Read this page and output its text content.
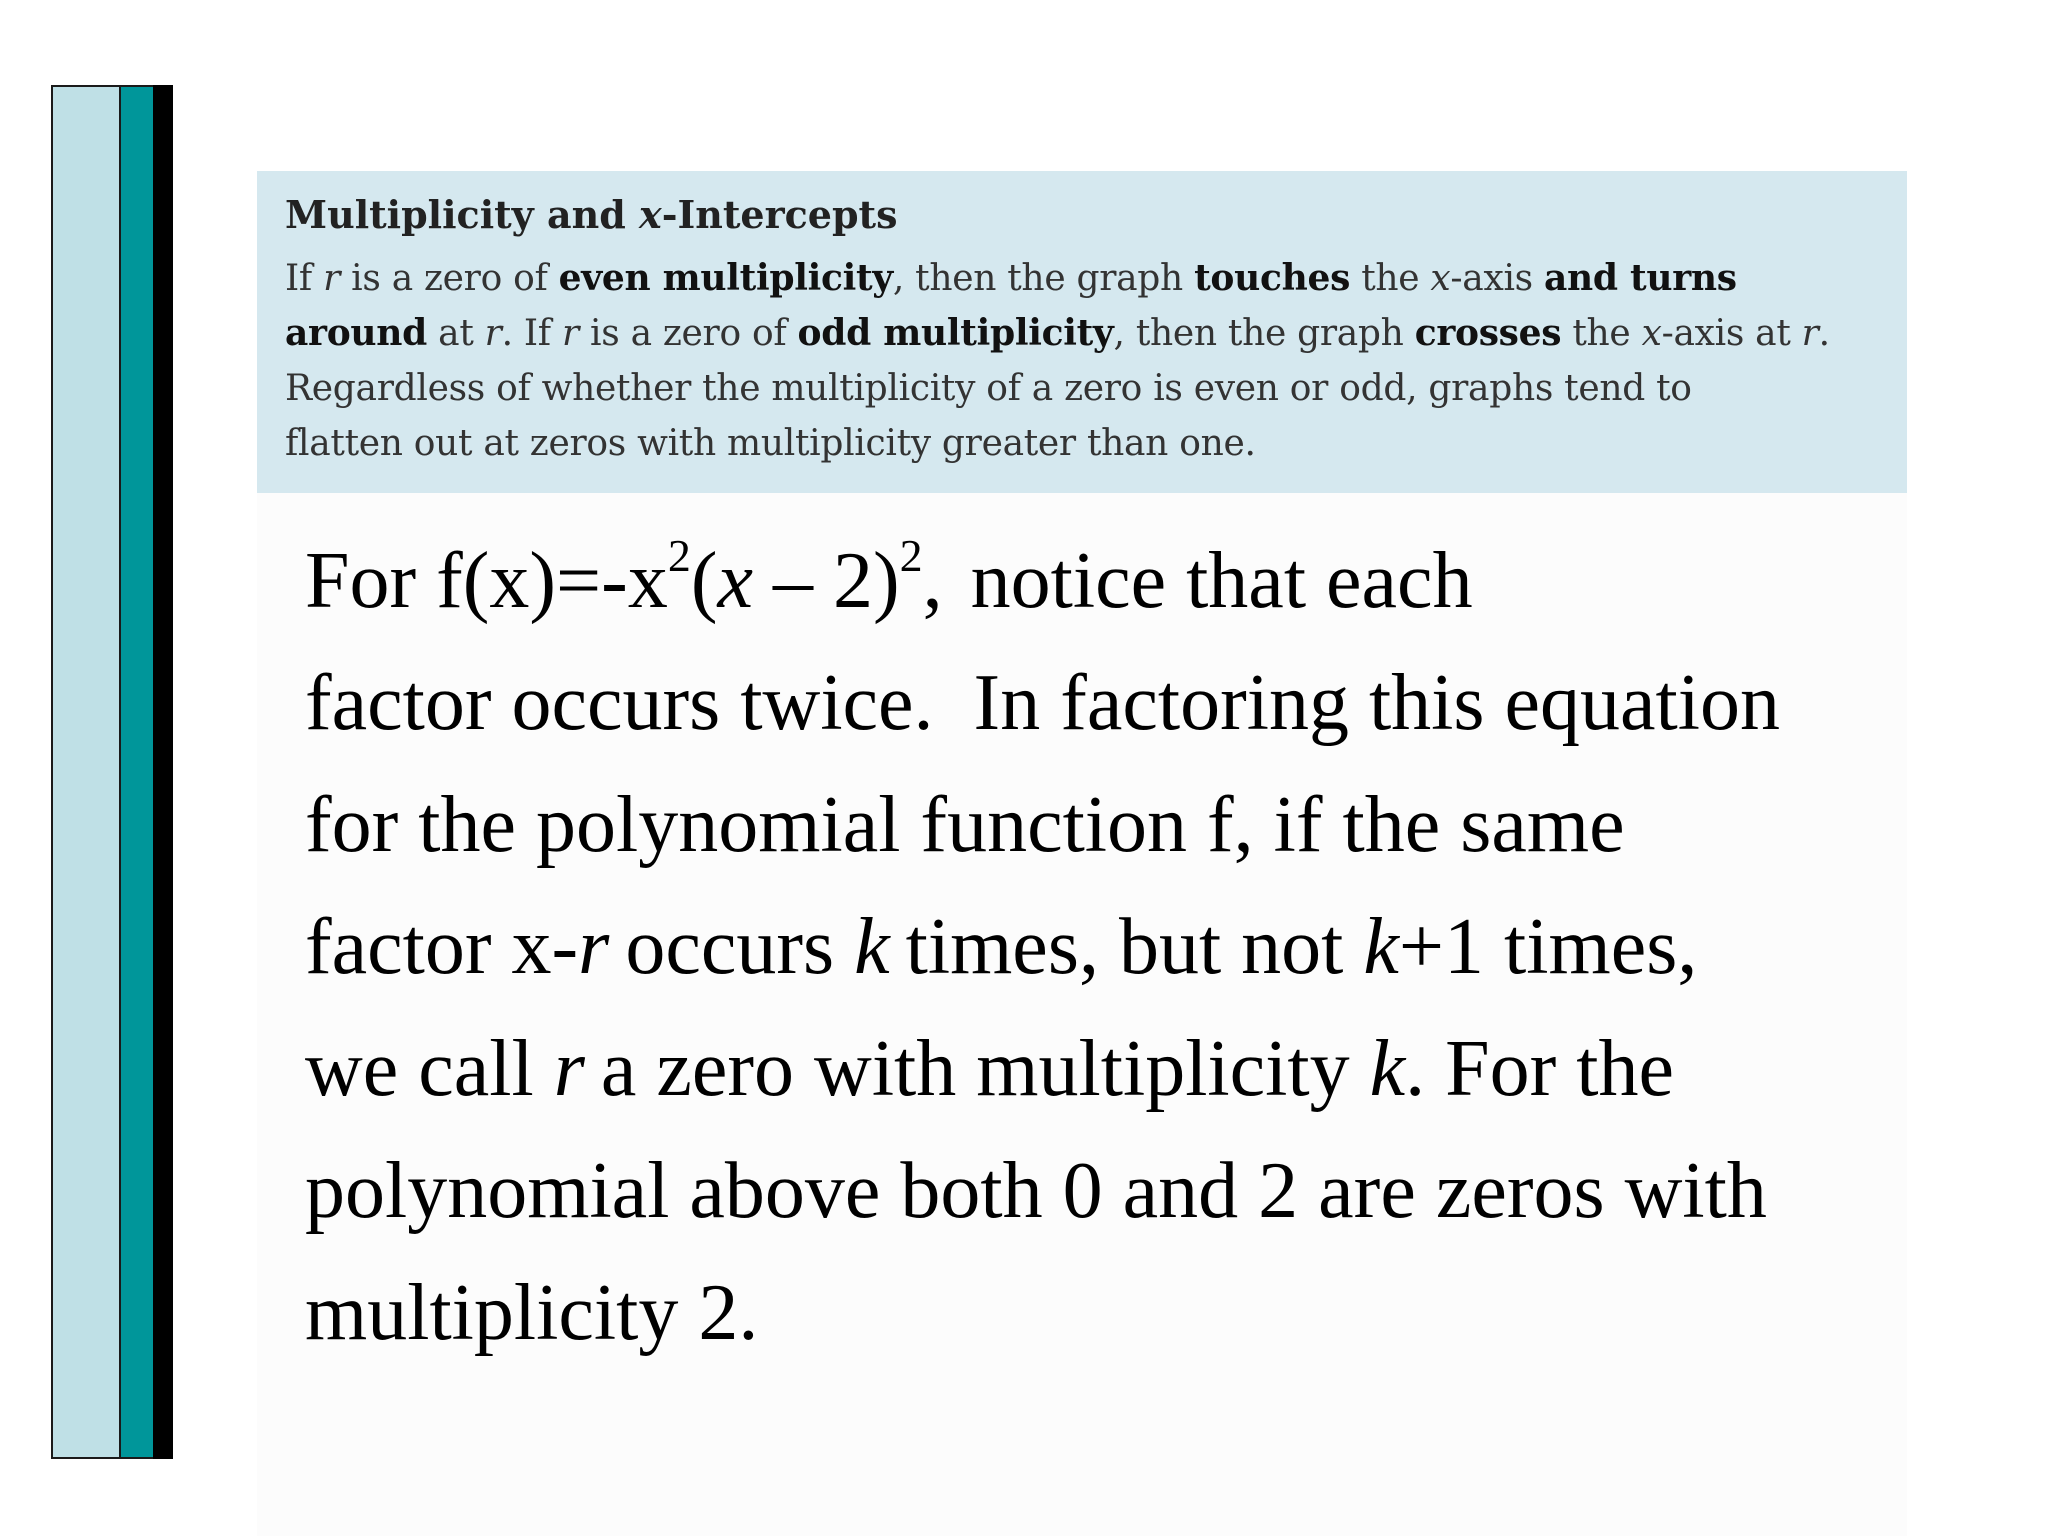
Multiplicity and x-Intercepts

If r is a zero of even multiplicity, then the graph touches the x-axis and turns
around at r. If r is a zero of odd multiplicity, then the graph crosses the x-axis at r.
Regardless of whether the multiplicity of a zero is even or odd, graphs tend to
flatten out at zeros with multiplicity greater than one.

For $f(x)=-x^2(x - 2)^2$, notice that each
factor occurs twice.  In factoring this equation
for the polynomial function f, if the same
factor x-r occurs k times, but not k+1 times,
we call r a zero with multiplicity k. For the
polynomial above both 0 and 2 are zeros with
multiplicity 2.
